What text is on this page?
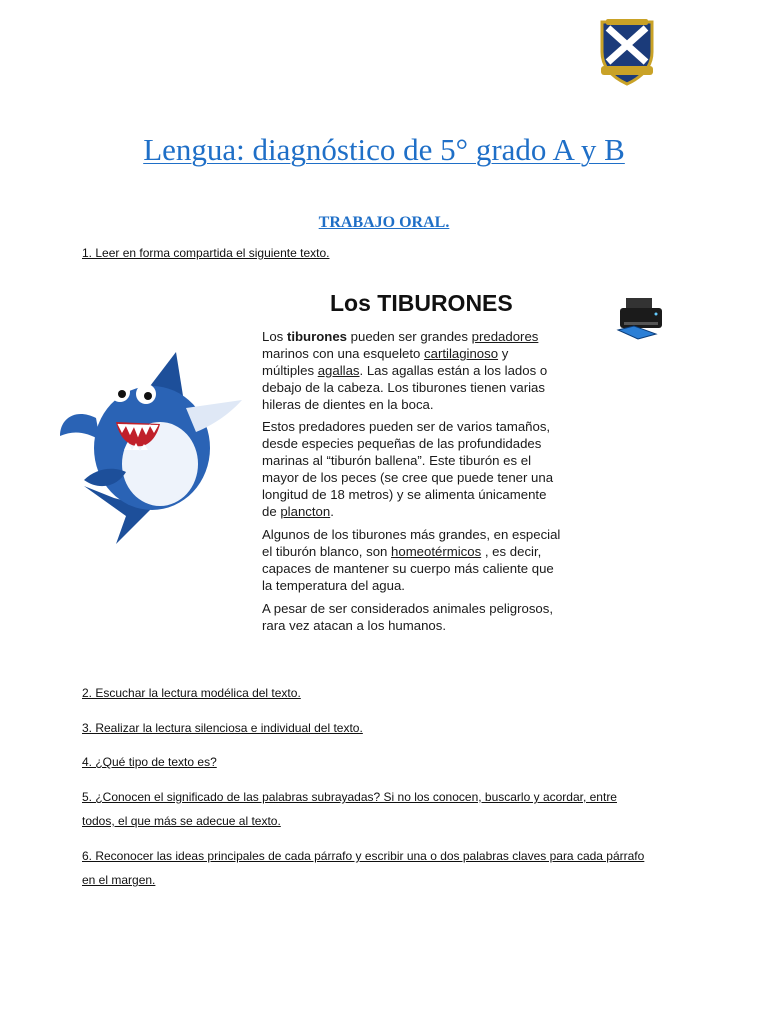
Lengua: diagnóstico de 5° grado A y B
TRABAJO ORAL.
1. Leer en forma compartida el siguiente texto.
Los TIBURONES
Los tiburones pueden ser grandes predadores
marinos con una esqueleto cartilaginoso y
múltiples agallas. Las agallas están a los lados o
debajo de la cabeza. Los tiburones tienen varias
hileras de dientes en la boca.
Estos predadores pueden ser de varios tamaños,
desde especies pequeñas de las profundidades
marinas al “tiburón ballena”. Este tiburón es el
mayor de los peces (se cree que puede tener una
longitud de 18 metros) y se alimenta únicamente
de plancton.
Algunos de los tiburones más grandes, en especial
el tiburón blanco, son homeotérmicos , es decir,
capaces de mantener su cuerpo más caliente que
la temperatura del agua.
A pesar de ser considerados animales peligrosos,
rara vez atacan a los humanos.
2. Escuchar la lectura modélica del texto.
3. Realizar la lectura silenciosa e individual del texto.
4. ¿Qué tipo de texto es?
5. ¿Conocen el significado de las palabras subrayadas? Si no los conocen, buscarlo y acordar, entre
todos, el que más se adecue al texto.
6. Reconocer las ideas principales de cada párrafo y escribir una o dos palabras claves para cada párrafo
en el margen.
